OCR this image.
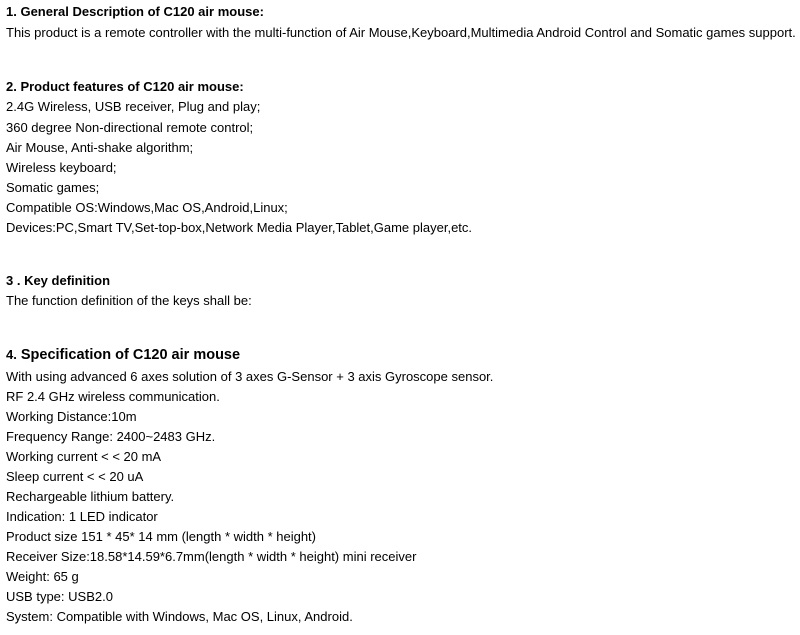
1. General Description of C120 air mouse:
This product is a remote controller with the multi-function of Air Mouse,Keyboard,Multimedia Android Control and Somatic games support.
2. Product features of C120 air mouse:
2.4G Wireless, USB receiver, Plug and play;
360 degree Non-directional remote control;
Air Mouse, Anti-shake algorithm;
Wireless keyboard;
Somatic games;
Compatible OS:Windows,Mac OS,Android,Linux;
Devices:PC,Smart TV,Set-top-box,Network Media Player,Tablet,Game player,etc.
3 . Key definition
The function definition of the keys shall be:
4. Specification of C120 air mouse
With using advanced 6 axes solution of 3 axes G-Sensor + 3 axis Gyroscope sensor.
RF 2.4 GHz wireless communication.
Working Distance:10m
Frequency Range: 2400~2483 GHz.
Working current < < 20 mA
Sleep current < < 20 uA
Rechargeable lithium battery.
Indication: 1 LED indicator
Product size 151 * 45* 14 mm (length * width * height)
Receiver Size:18.58*14.59*6.7mm(length * width * height) mini receiver
Weight: 65 g
USB type: USB2.0
System: Compatible with Windows, Mac OS, Linux, Android.
